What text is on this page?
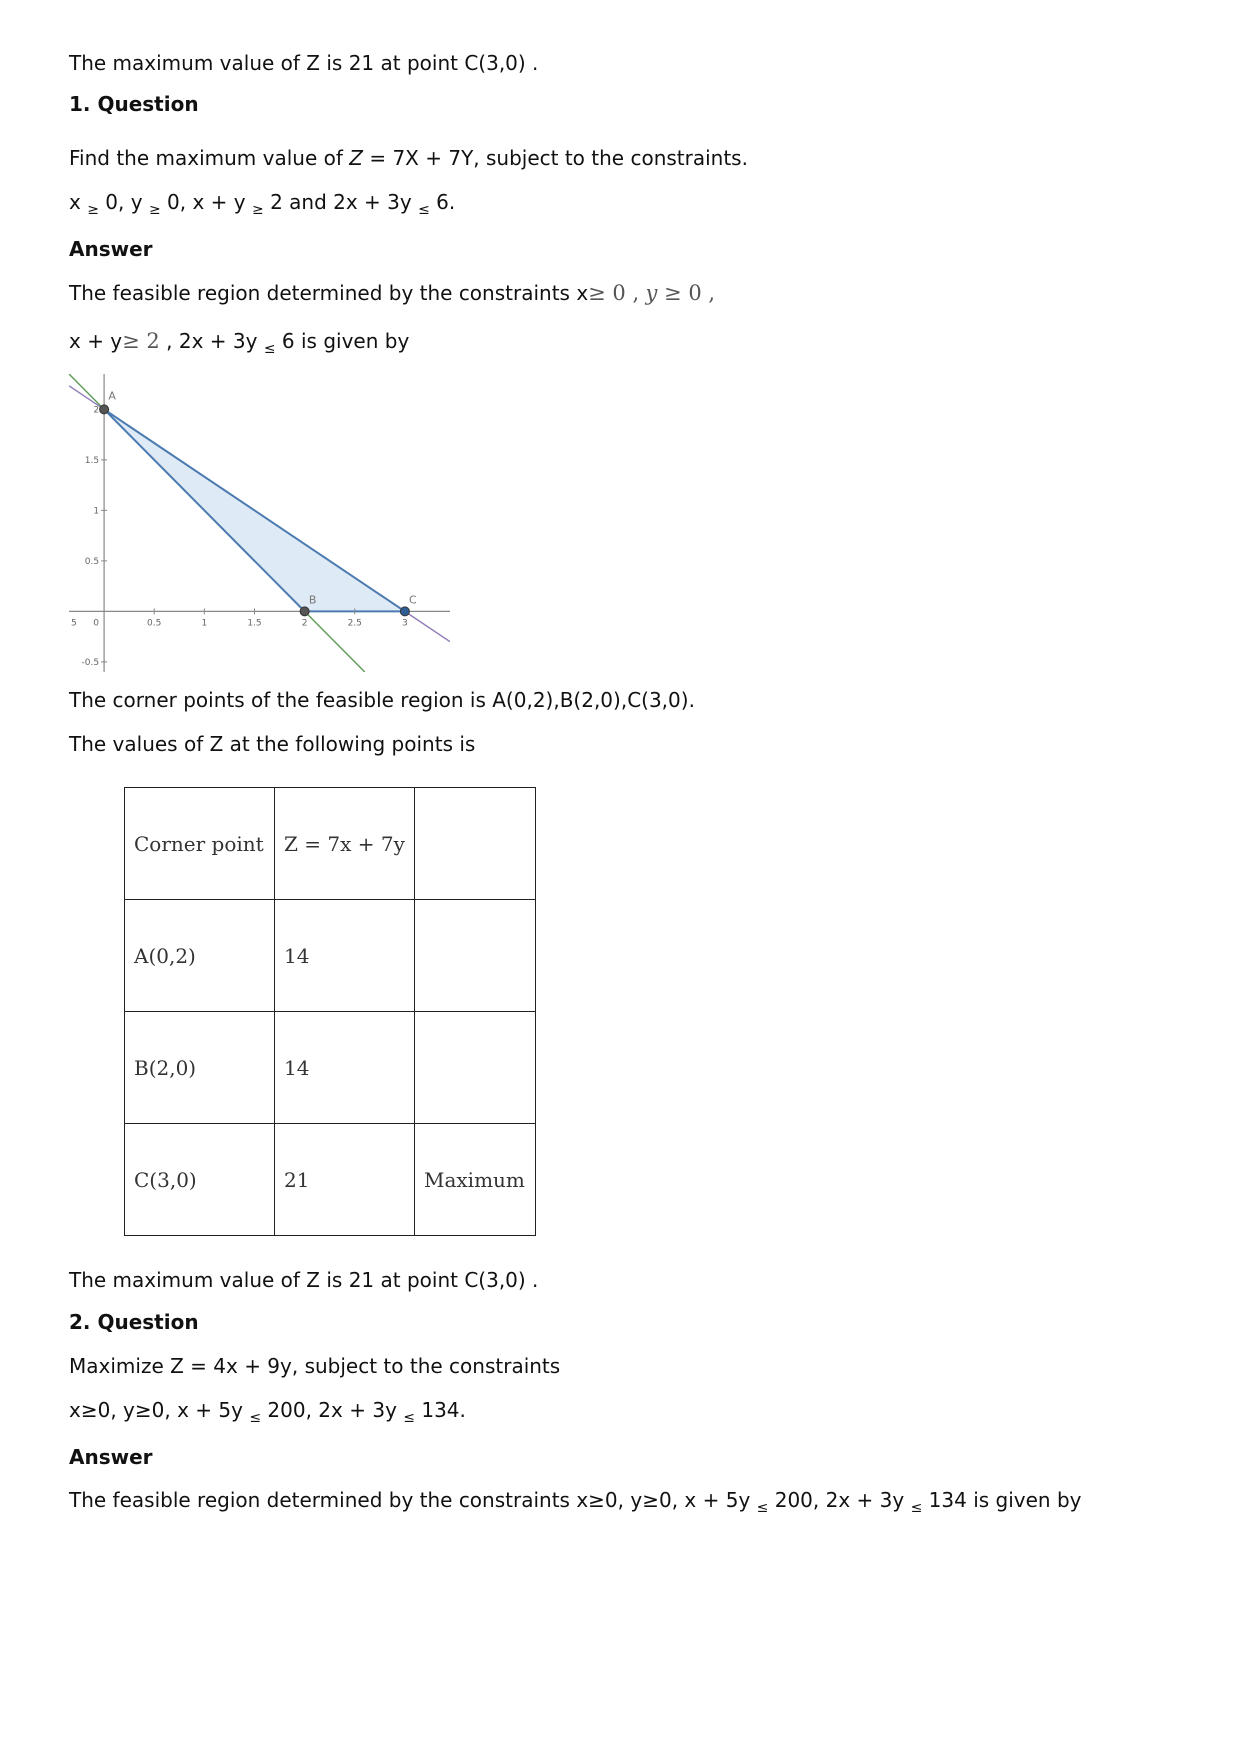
The maximum value of Z is 21 at point C(3,0) .
1. Question
Find the maximum value of Z = 7X + 7Y, subject to the constraints.
x $_\ge$ 0, y $_\ge$ 0, x + y $_\ge$ 2 and 2x + 3y $_\le$ 6.
Answer
The feasible region determined by the constraints x≥ 0 , y ≥ 0 ,
x + y≥ 2 , 2x + 3y $_\le$ 6 is given by
0.5	1	1.5	2	2.5	3
0
5
-0.5
0.5
1
1.5
2
A
B	C
The corner points of the feasible region is A(0,2),B(2,0),C(3,0).
The values of Z at the following points is
Corner point	Z = 7x + 7y	
A(0,2)	14	
B(2,0)	14	
C(3,0)	21	Maximum
The maximum value of Z is 21 at point C(3,0) .
2. Question
Maximize Z = 4x + 9y, subject to the constraints
x≥0, y≥0, x + 5y $_\le$ 200, 2x + 3y $_\le$ 134.
Answer
The feasible region determined by the constraints x≥0, y≥0, x + 5y $_\le$ 200, 2x + 3y $_\le$ 134 is given by
